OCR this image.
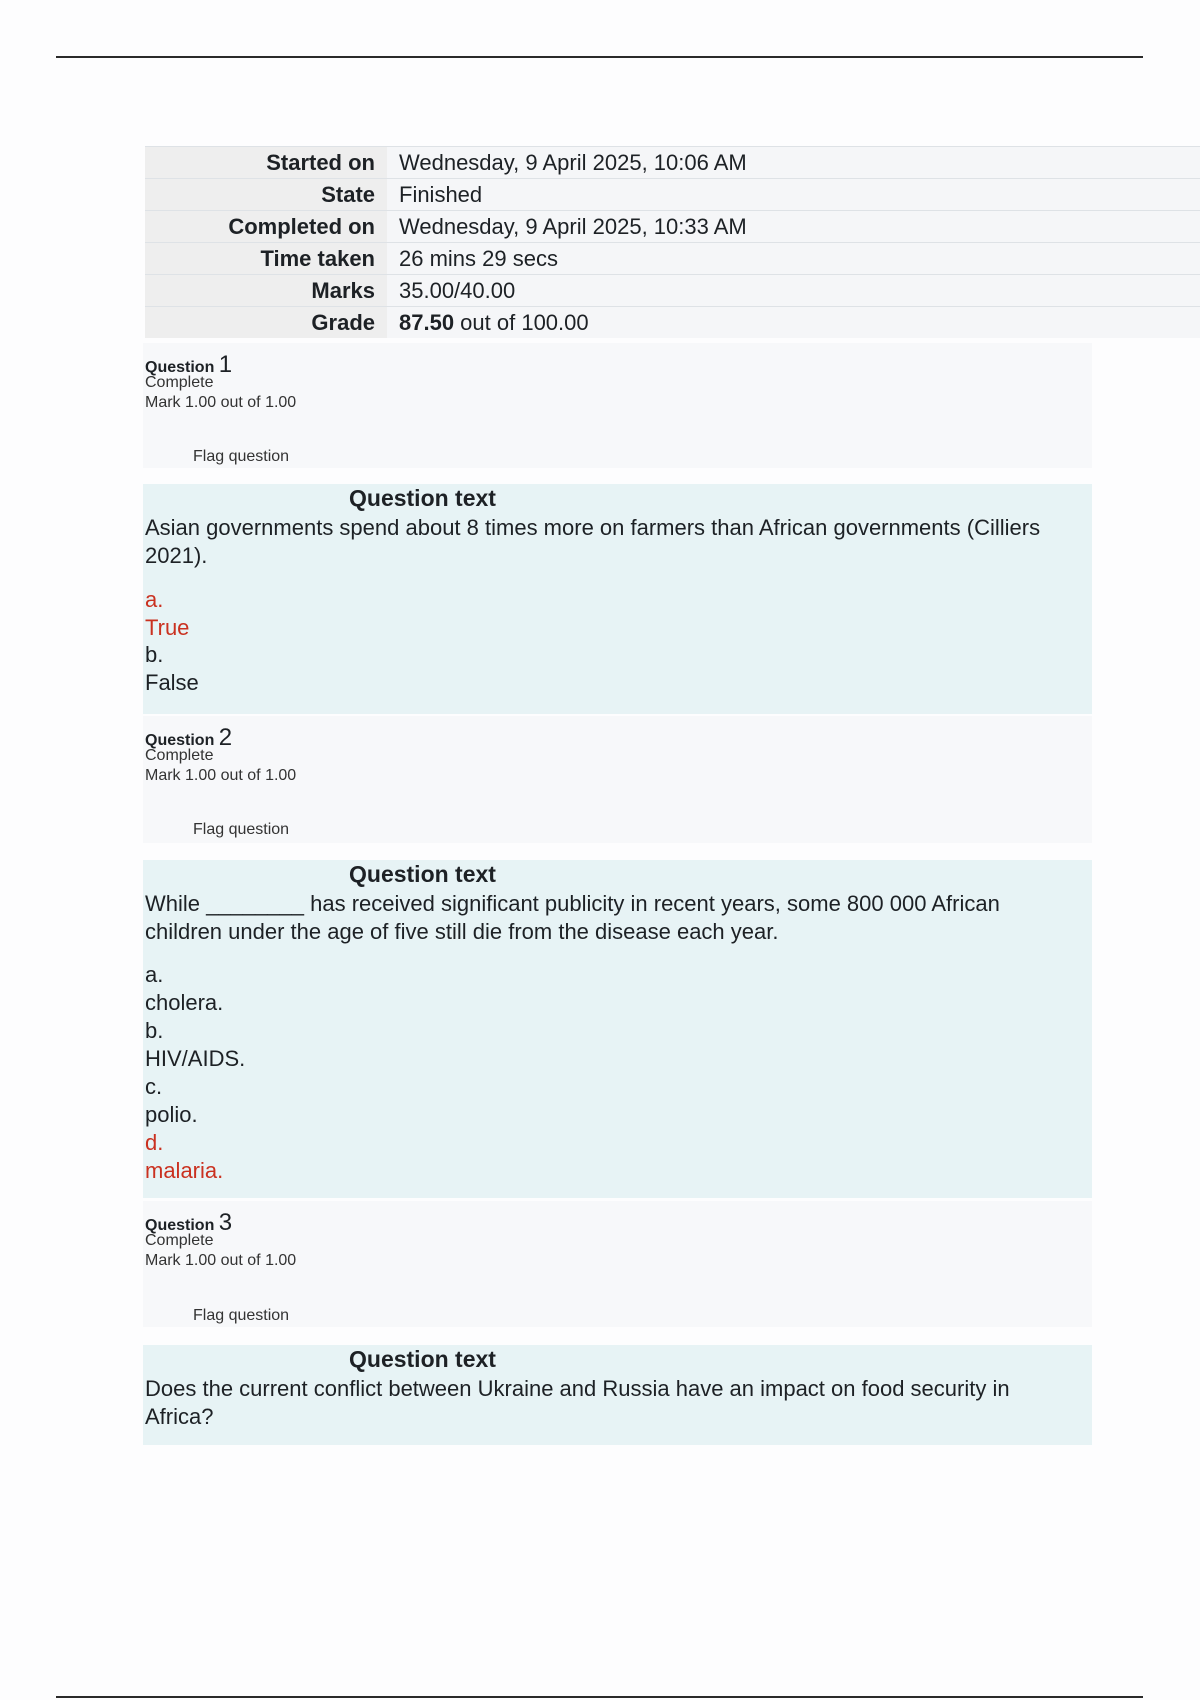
Started on	Wednesday, 9 April 2025, 10:06 AM
State	Finished
Completed on	Wednesday, 9 April 2025, 10:33 AM
Time taken	26 mins 29 secs
Marks	35.00/40.00
Grade	87.50 out of 100.00
Question 1
Complete
Mark 1.00 out of 1.00
Flag question
Question text
Asian governments spend about 8 times more on farmers than African governments (Cilliers 2021).
a.
True
b.
False
Question 2
Complete
Mark 1.00 out of 1.00
Flag question
Question text
While ________ has received significant publicity in recent years, some 800 000 African children under the age of five still die from the disease each year.
a.
cholera.
b.
HIV/AIDS.
c.
polio.
d.
malaria.
Question 3
Complete
Mark 1.00 out of 1.00
Flag question
Question text
Does the current conflict between Ukraine and Russia have an impact on food security in Africa?
